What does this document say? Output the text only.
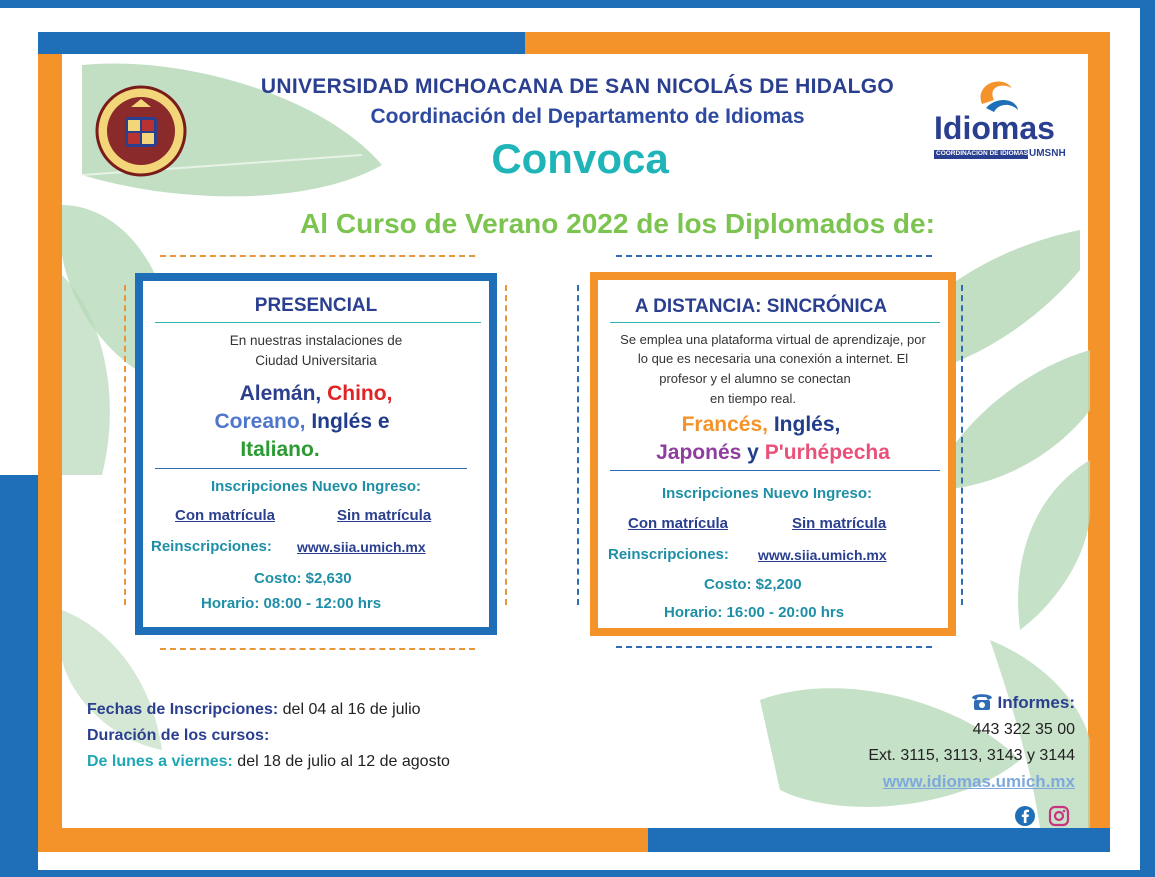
Idiomas
COORDINACIÓN DE IDIOMAS UMSNH
UNIVERSIDAD MICHOACANA DE SAN NICOLÁS DE HIDALGO
Coordinación del Departamento de Idiomas
Convoca
Al Curso de Verano 2022 de los Diplomados de:
PRESENCIAL
En nuestras instalaciones de
Ciudad Universitaria
Alemán, Chino,
Coreano, Inglés e
Italiano.
Inscripciones Nuevo Ingreso:
Con matrícula	Sin matrícula
Reinscripciones: www.siia.umich.mx
Costo: $2,630
Horario: 08:00 - 12:00 hrs
A DISTANCIA: SINCRÓNICA
Se emplea una plataforma virtual de aprendizaje, por
lo que es necesaria una conexión a internet. El
profesor y el alumno se conectan
en tiempo real.
Francés, Inglés,
Japonés y P'urhépecha
Inscripciones Nuevo Ingreso:
Con matrícula	Sin matrícula
Reinscripciones: www.siia.umich.mx
Costo: $2,200
Horario: 16:00 - 20:00 hrs
Fechas de Inscripciones: del 04 al 16 de julio
Duración de los cursos:
De lunes a viernes: del 18 de julio al 12 de agosto
Informes:
443 322 35 00
Ext. 3115, 3113, 3143 y 3144
www.idiomas.umich.mx
